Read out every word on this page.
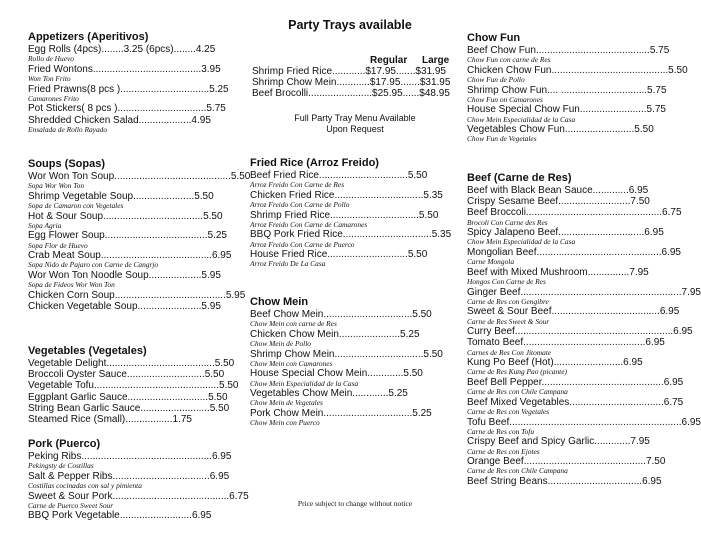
Party Trays available
Appetizers (Aperitivos)
Egg Rolls (4pcs)........3.25 (6pcs)........4.25
Rollo de Huevo
Fried Wontons.......................................3.95
Won Ton Frito
Fried Prawns(8 pcs )................................5.25
Camarones Frito
Pot Stickers( 8 pcs )................................5.75
Shredded Chicken Salad...................4.95
Ensalada de Rollo Rayado
Soups (Sopas)
Wor Won Ton Soup..........................................5.50
Sopa Wor Won Ton
Shrimp Vegetable Soup......................5.50
Sopa de Camaron con Vegetales
Hot & Sour Soup....................................5.50
Sopa Agria
Egg Flower Soup.....................................5.25
Sopa Flor de Huevo
Crab Meat Soup........................................6.95
Sopa Nido de Pajaro con Carne de Cangrjo
Wor Won Ton Noodle Soup...................5.95
Sopa de Fideos Wor Won Ton
Chicken Corn Soup........................................5.95
Chicken Vegetable Soup.......................5.95
Vegetables (Vegetales)
Vegetable Delight.......................................5.50
Broccoli Oyster Sauce............................5.50
Vegetable Tofu.............................................5.50
Eggplant Garlic Sauce.............................5.50
String Bean Garlic Sauce.........................5.50
Steamed Rice (Small).................1.75
Pork (Puerco)
Peking Ribs...............................................6.95
Pekingsty de Costillas
Salt & Pepper Ribs...................................6.95
Costillas cocinadas con sal y pimienta
Sweet & Sour Pork..........................................6.75
Carne de Puerco Sweet Sour
BBQ Pork Vegetable..........................6.95
Regular Large
Shrimp Fried Rice............$17.95.......$31.95
Shrimp Chow Mein............$17.95.......$31.95
Beef Brocolli.......................$25.95......$48.95
Full Party Tray Menu Available
Upon Request
Fried Rice (Arroz Freido)
Beef Fried Rice................................5.50
Arroz Freido Con Carne de Res
Chicken Fried Rice................................5.35
Arroz Freido Con Carne de Pollo
Shrimp Fried Rice................................5.50
Arroz Freido Con Carne de Camarones
BBQ Pork Fried Rice................................5.35
Arroz Freido Con Carne de Puerco
House Fried Rice.............................5.50
Arroz Freido De La Casa
Chow Mein
Beef Chow Mein................................5.50
Chow Mein con carne de Res
Chicken Chow Mein......................5.25
Chow Mein de Pollo
Shrimp Chow Mein................................5.50
Chow Mein con Camarones
House Special Chow Mein.............5.50
Chow Mein Especialidad de la Casa
Vegetables Chow Mein.............5.25
Chow Mein de Vegetales
Pork Chow Mein................................5.25
Chow Mein con Puerco
Price subject to change without notice
Chow Fun
Beef Chow Fun.........................................5.75
Chow Fun con carne de Res
Chicken Chow Fun..........................................5.50
Chow Fun de Pollo
Shrimp Chow Fun.... ...............................5.75
Chow Fun on Camarones
House Special Chow Fun........................5.75
Chow Mein Especialidad de la Casa
Vegetables Chow Fun.........................5.50
Chow Fun de Vegetales
Beef (Carne de Res)
Beef with Black Bean Sauce.............6.95
Crispy Sesame Beef..........................7.50
Beef Broccoli.................................................6.75
Brocoli Con Carne des Res
Spicy Jalapeno Beef...............................6.95
Chow Mein Especialidad de la Casa
Mongolian Beef.............................................6.95
Carne Mongola
Beef with Mixed Mushroom...............7.95
Hongos Con Carne de Res
Ginger Beef..........................................................7.95
Carne de Res con Gengibre
Sweet & Sour Beef.......................................6.95
Carne de Res Sweet & Sour
Curry Beef.........................................................6.95
Tomato Beef............................................6.95
Carnes de Res Con Jitomate
Kung Po Beef (Hot).........................6.95
Carne de Res Kung Pao (picante)
Beef Bell Pepper............................................6.95
Carne de Res con Chile Campana
Beef Mixed Vegetables..................................6.75
Carne de Res con Vegetales
Tofu Beef..............................................................6.95
Carne de Res con Tofu
Crispy Beef and Spicy Garlic.............7.95
Carne de Res con Ejotes
Orange Beef............................................7.50
Carne de Res con Chile Campana
Beef String Beans..................................6.95
